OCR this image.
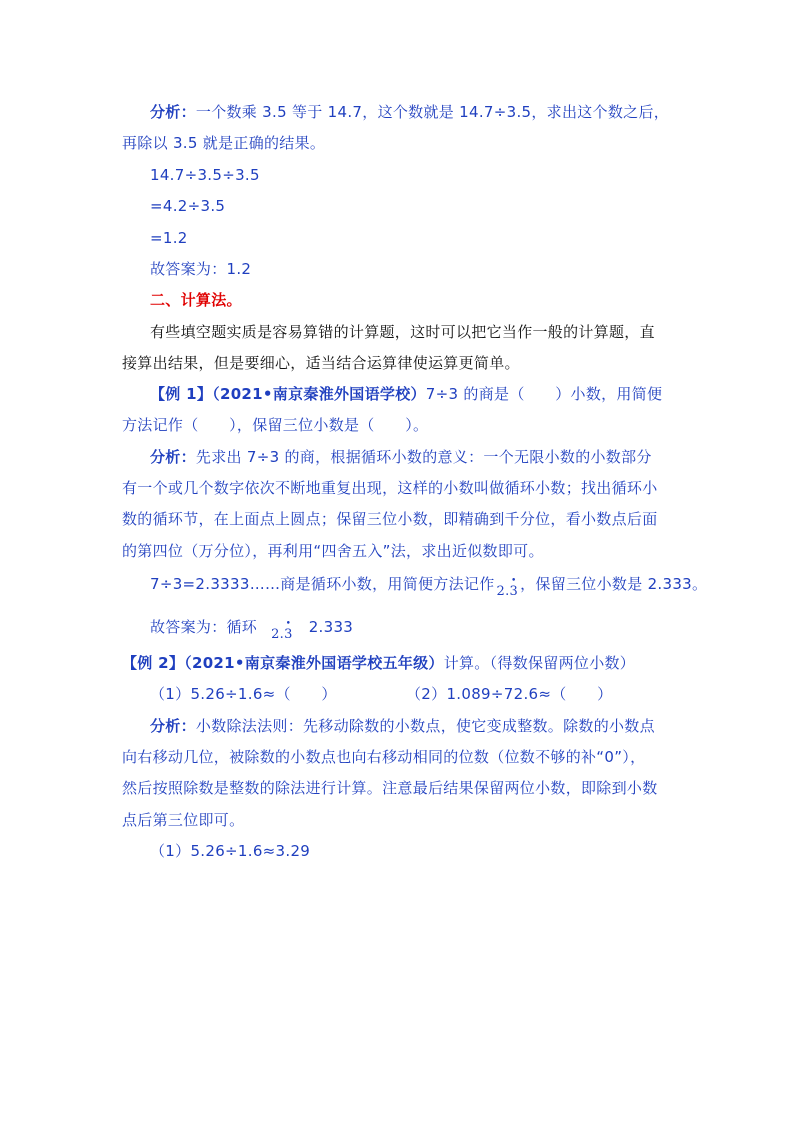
分析：一个数乘 3.5 等于 14.7，这个数就是 14.7÷3.5，求出这个数之后，
再除以 3.5 就是正确的结果。
14.7÷3.5÷3.5
=4.2÷3.5
=1.2
故答案为：1.2
二、计算法。
有些填空题实质是容易算错的计算题，这时可以把它当作一般的计算题，直
接算出结果，但是要细心，适当结合运算律使运算更简单。
【例 1】（2021•南京秦淮外国语学校）7÷3 的商是（　　）小数，用简便
方法记作（　　），保留三位小数是（　　）。
分析：先求出 7÷3 的商，根据循环小数的意义：一个无限小数的小数部分
有一个或几个数字依次不断地重复出现，这样的小数叫做循环小数；找出循环小
数的循环节，在上面点上圆点；保留三位小数，即精确到千分位，看小数点后面
的第四位（万分位），再利用“四舍五入”法，求出近似数即可。
7÷3=2.3333……商是循环小数，用简便方法记作 2.• 3 ，保留三位小数是 2.333。
故答案为：循环 2.• 3 2.333
【例 2】（2021•南京秦淮外国语学校五年级）计算。（得数保留两位小数）
（1）5.26÷1.6≈（　　）	（2）1.089÷72.6≈（　　）
分析：小数除法法则：先移动除数的小数点，使它变成整数。除数的小数点
向右移动几位，被除数的小数点也向右移动相同的位数（位数不够的补“0”），
然后按照除数是整数的除法进行计算。注意最后结果保留两位小数，即除到小数
点后第三位即可。
（1）5.26÷1.6≈3.29
